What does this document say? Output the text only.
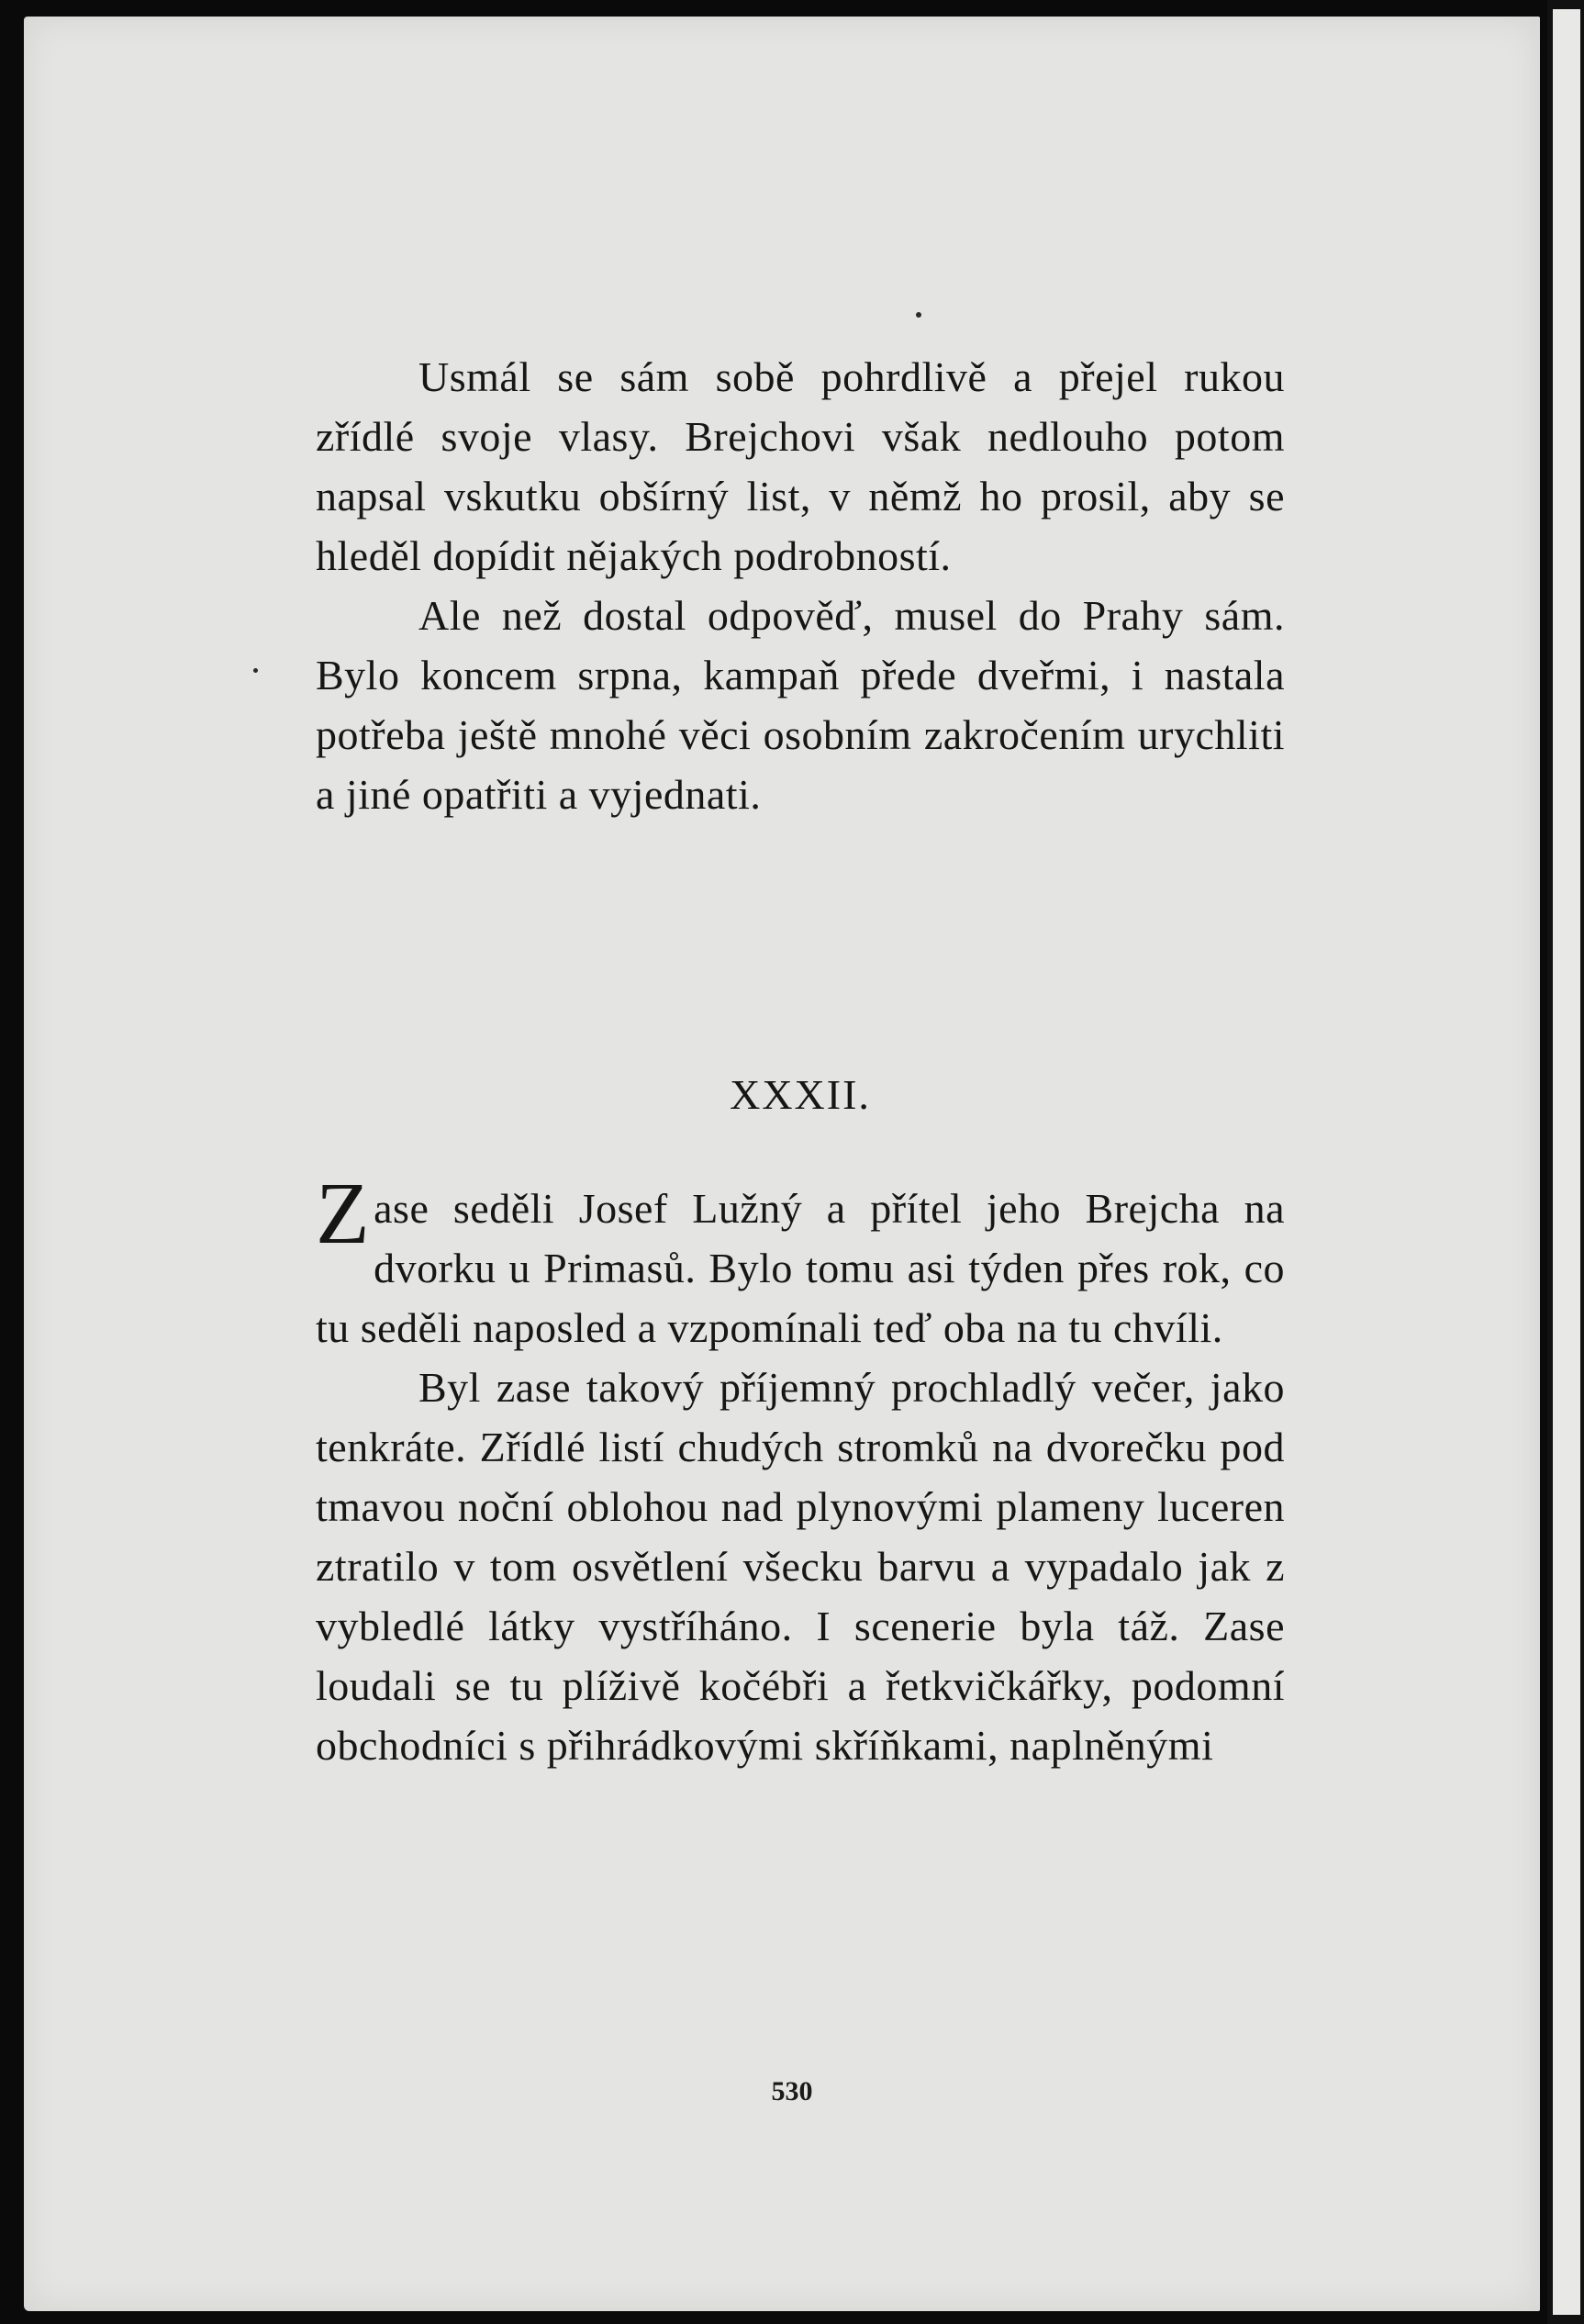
Usmál se sám sobě pohrdlivě a přejel rukou zřídlé svoje vlasy. Brejchovi však nedlouho potom napsal vskutku obšírný list, v němž ho prosil, aby se hleděl dopídit nějakých podrobností.

Ale než dostal odpověď, musel do Prahy sám. Bylo koncem srpna, kampaň přede dveřmi, i nastala potřeba ještě mnohé věci osobním zakročením urychliti a jiné opatřiti a vyjednati.

XXXII.

Zase seděli Josef Lužný a přítel jeho Brejcha na dvorku u Primasů. Bylo tomu asi týden přes rok, co tu seděli naposled a vzpomínali teď oba na tu chvíli.

Byl zase takový příjemný prochladlý večer, jako tenkráte. Zřídlé listí chudých stromků na dvorečku pod tmavou noční oblohou nad plynovými plameny luceren ztratilo v tom osvětlení všecku barvu a vypadalo jak z vybledlé látky vystříháno. I scenerie byla táž. Zase loudali se tu plíživě kočébři a řetkvičkářky, podomní obchodníci s přihrádkovými skříňkami, naplněnými

530
